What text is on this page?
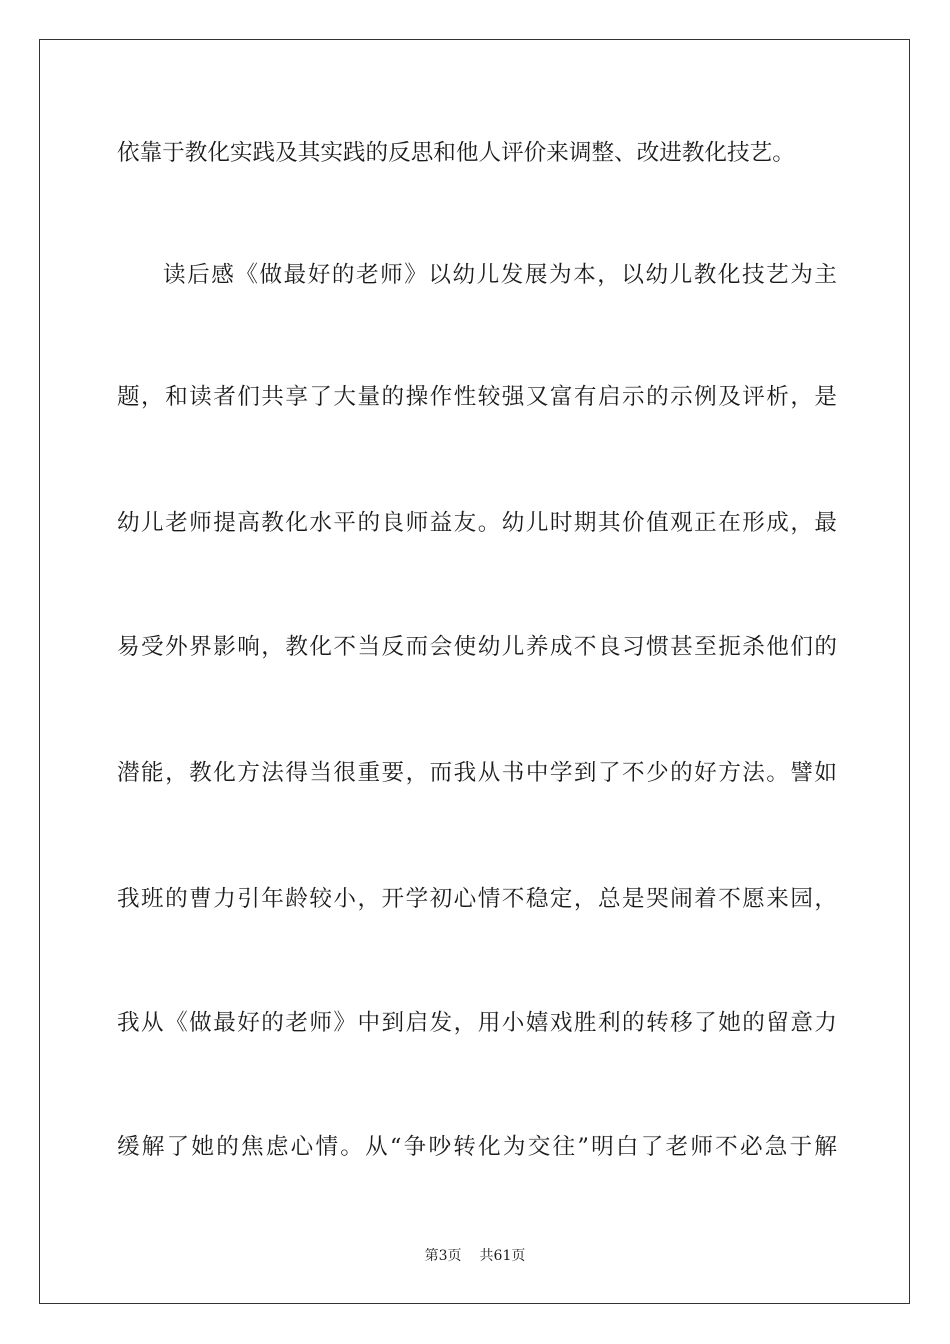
依靠于教化实践及其实践的反思和他人评价来调整、改进教化技艺。
读后感《做最好的老师》以幼儿发展为本，以幼儿教化技艺为主
题，和读者们共享了大量的操作性较强又富有启示的示例及评析，是
幼儿老师提高教化水平的良师益友。幼儿时期其价值观正在形成，最
易受外界影响，教化不当反而会使幼儿养成不良习惯甚至扼杀他们的
潜能，教化方法得当很重要，而我从书中学到了不少的好方法。譬如
我班的曹力引年龄较小，开学初心情不稳定，总是哭闹着不愿来园，
我从《做最好的老师》中到启发，用小嬉戏胜利的转移了她的留意力
缓解了她的焦虑心情。从“争吵转化为交往”明白了老师不必急于解
第3页 共61页
